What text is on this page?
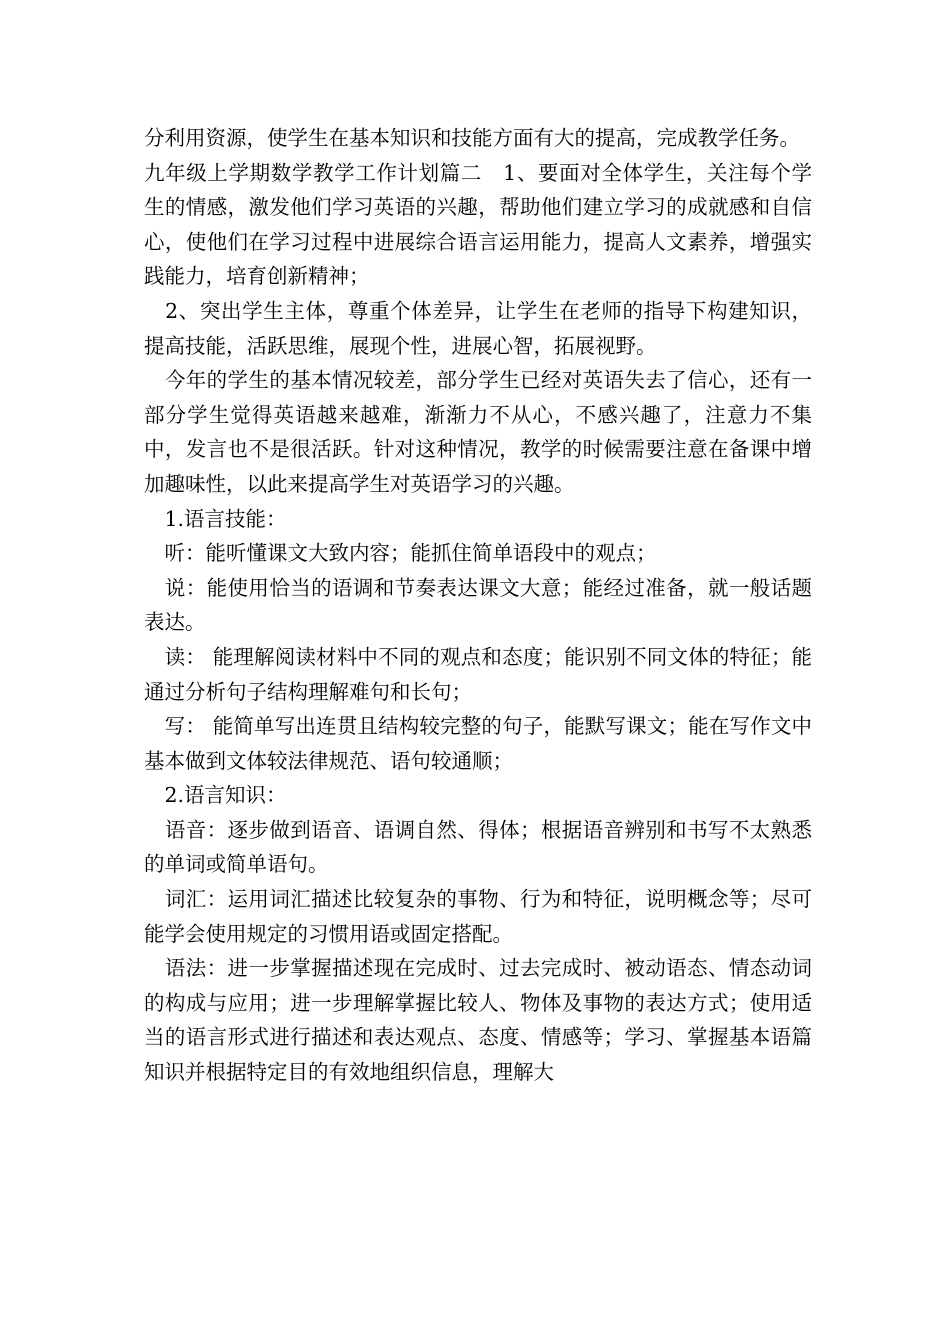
分利用资源，使学生在基本知识和技能方面有大的提高，完成教学任务。

九年级上学期数学教学工作计划篇二　1、要面对全体学生，关注每个学生的情感，激发他们学习英语的兴趣，帮助他们建立学习的成就感和自信心，使他们在学习过程中进展综合语言运用能力，提高人文素养，增强实践能力，培育创新精神；

　2、突出学生主体，尊重个体差异，让学生在老师的指导下构建知识，提高技能，活跃思维，展现个性，进展心智，拓展视野。

　今年的学生的基本情况较差，部分学生已经对英语失去了信心，还有一部分学生觉得英语越来越难，渐渐力不从心，不感兴趣了，注意力不集中，发言也不是很活跃。针对这种情况，教学的时候需要注意在备课中增加趣味性，以此来提高学生对英语学习的兴趣。

　1.语言技能：

　听：能听懂课文大致内容；能抓住简单语段中的观点；

　说：能使用恰当的语调和节奏表达课文大意；能经过准备，就一般话题表达。

　读： 能理解阅读材料中不同的观点和态度；能识别不同文体的特征；能通过分析句子结构理解难句和长句；

　写： 能简单写出连贯且结构较完整的句子，能默写课文；能在写作文中基本做到文体较法律规范、语句较通顺；

　2.语言知识：

　语音：逐步做到语音、语调自然、得体；根据语音辨别和书写不太熟悉的单词或简单语句。

　词汇：运用词汇描述比较复杂的事物、行为和特征，说明概念等；尽可能学会使用规定的习惯用语或固定搭配。

　语法：进一步掌握描述现在完成时、过去完成时、被动语态、情态动词的构成与应用；进一步理解掌握比较人、物体及事物的表达方式；使用适当的语言形式进行描述和表达观点、态度、情感等；学习、掌握基本语篇知识并根据特定目的有效地组织信息，理解大
